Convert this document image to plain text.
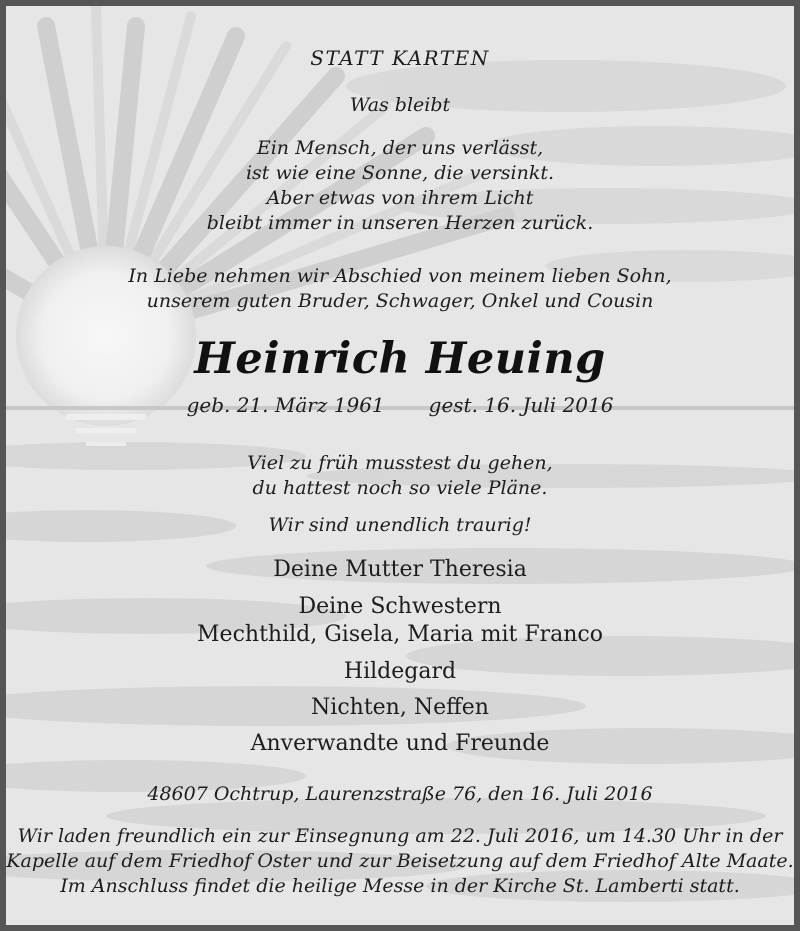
STATT KARTEN
Was bleibt
Ein Mensch, der uns verlässt,
ist wie eine Sonne, die versinkt.
Aber etwas von ihrem Licht
bleibt immer in unseren Herzen zurück.
In Liebe nehmen wir Abschied von meinem lieben Sohn,
unserem guten Bruder, Schwager, Onkel und Cousin
Heinrich Heuing
geb. 21. März 1961 gest. 16. Juli 2016
Viel zu früh musstest du gehen,
du hattest noch so viele Pläne.
Wir sind unendlich traurig!
Deine Mutter Theresia
Deine Schwestern
Mechthild, Gisela, Maria mit Franco
Hildegard
Nichten, Neffen
Anverwandte und Freunde
48607 Ochtrup, Laurenzstraße 76, den 16. Juli 2016
Wir laden freundlich ein zur Einsegnung am 22. Juli 2016, um 14.30 Uhr in der
Kapelle auf dem Friedhof Oster und zur Beisetzung auf dem Friedhof Alte Maate.
Im Anschluss findet die heilige Messe in der Kirche St. Lamberti statt.
